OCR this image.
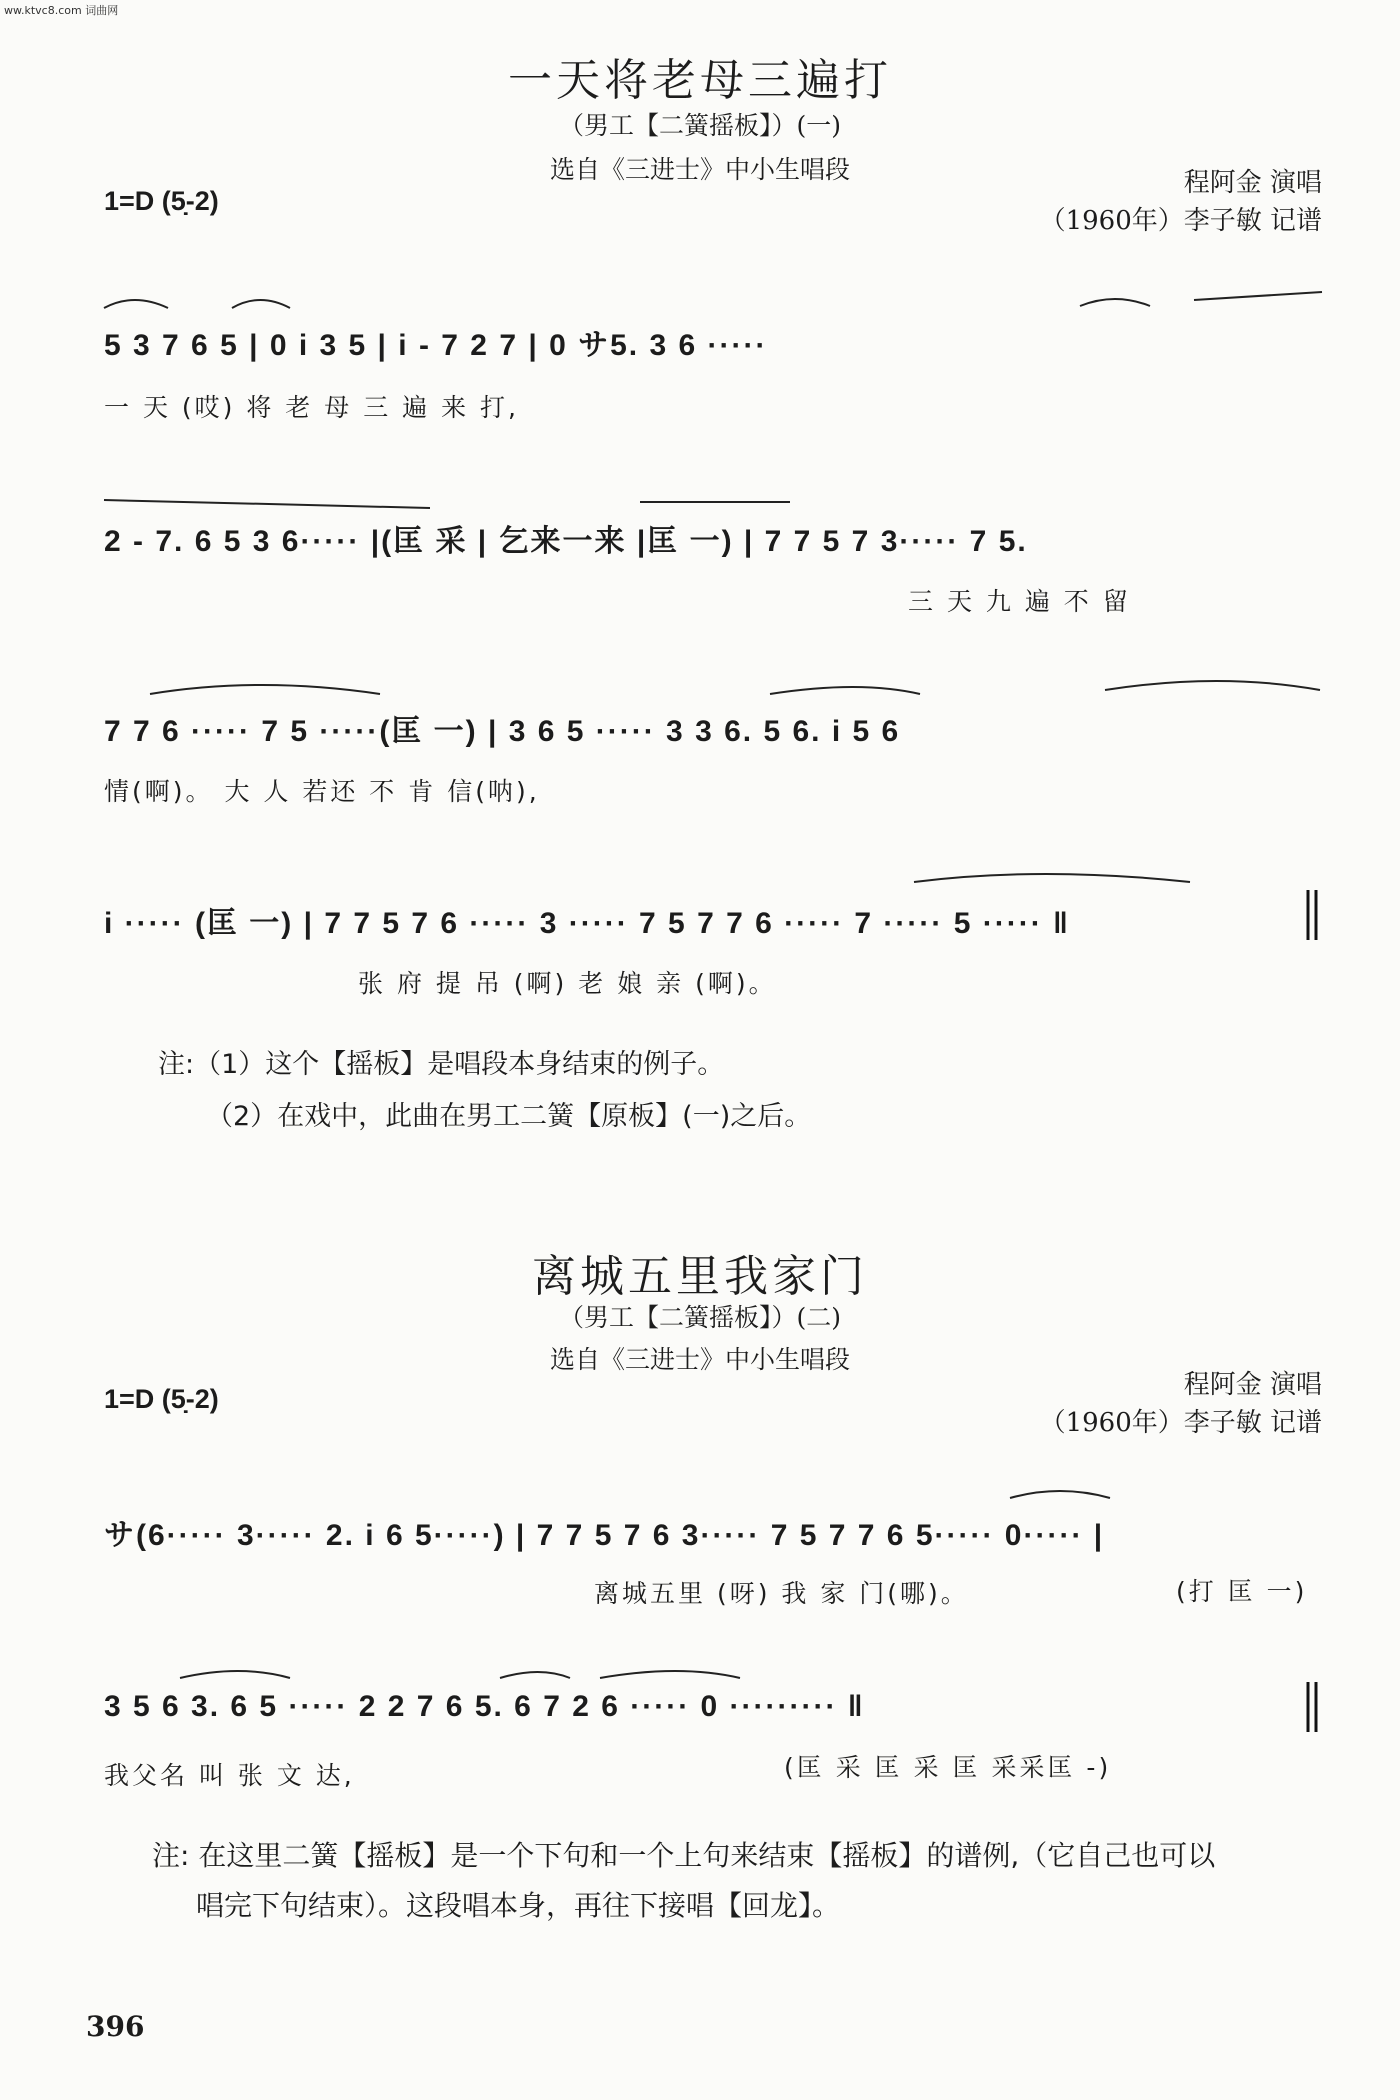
ww.ktvc8.com 词曲网
一天将老母三遍打
（男工【二簧摇板】）(一)
选自《三进士》中小生唱段
1=D (5̣-2)
程阿金 演唱
（1960年）李子敏 记谱
5 3 7 6 5 | 0 i 3 5 | i - 7 2 7 | 0 サ5. 3 6 ·····
一 天 (哎) 将 老 母 三 遍 来 打,
2 - 7. 6 5 3 6····· |(匡 采 | 乞来一来 |匡 一) | 7 7 5 7 3····· 7 5.
三 天 九 遍 不 留
7 7 6 ····· 7 5 ·····(匡 一) | 3 6 5 ····· 3 3 6. 5 6. i 5 6
情(啊)。 大 人 若还 不 肯 信(呐),
i ····· (匡 一) | 7 7 5 7 6 ····· 3 ····· 7 5 7 7 6 ····· 7 ····· 5 ····· ‖
张 府 提 吊 (啊) 老 娘 亲 (啊)。
注:（1）这个【摇板】是唱段本身结束的例子。
（2）在戏中，此曲在男工二簧【原板】(一)之后。
离城五里我家门
（男工【二簧摇板】）(二)
选自《三进士》中小生唱段
1=D (5̣-2)	程阿金 演唱
（1960年）李子敏 记谱
サ(6····· 3····· 2. i 6 5·····) | 7 7 5 7 6 3····· 7 5 7 7 6 5····· 0····· |
离城五里 (呀) 我 家 门(哪)。	(打 匡 一)
3 5 6 3. 6 5 ····· 2 2 7 6 5. 6 7 2 6 ····· 0 ········· ‖
我父名 叫 张 文 达,	(匡 采 匡 采 匡 采采匡 -)
注: 在这里二簧【摇板】是一个下句和一个上句来结束【摇板】的谱例,（它自己也可以
唱完下句结束）。这段唱本身，再往下接唱【回龙】。
396
